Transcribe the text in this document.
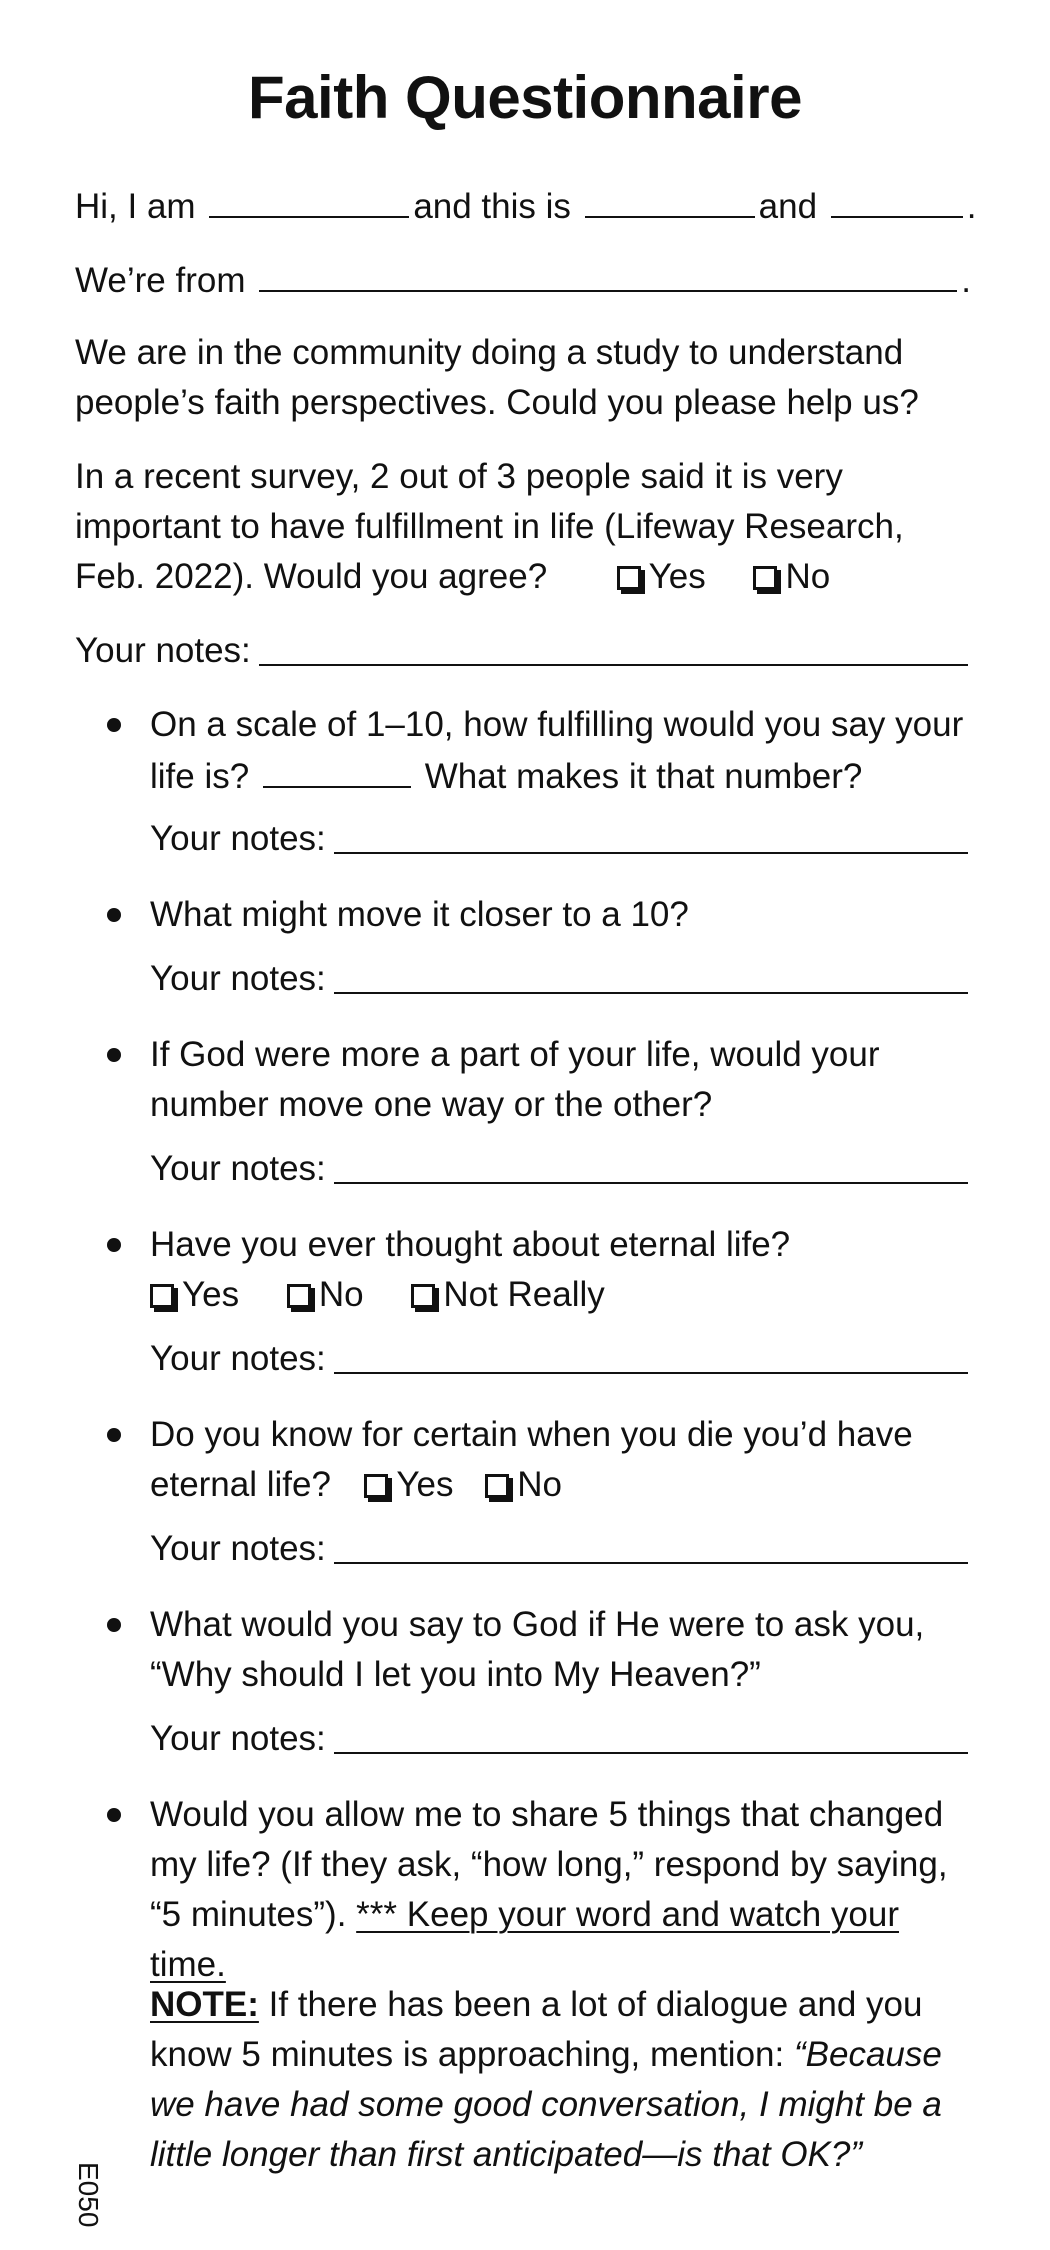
Faith Questionnaire
Hi, I am	and this is	and	.
We’re from	.
We are in the community doing a study to understand people’s faith perspectives. Could you please help us?
In a recent survey, 2 out of 3 people said it is very important to have fulfillment in life (Lifeway Research, Feb. 2022). Would you agree?	Yes No
Your notes:
On a scale of 1–10, how fulfilling would you say your life is?	What makes it that number?
Your notes:
What might move it closer to a 10?
Your notes:
If God were more a part of your life, would your number move one way or the other?
Your notes:
Have you ever thought about eternal life?
Yes No Not Really
Your notes:
Do you know for certain when you die you’d have eternal life? Yes No
Your notes:
What would you say to God if He were to ask you, “Why should I let you into My Heaven?”
Your notes:
Would you allow me to share 5 things that changed my life? (If they ask, “how long,” respond by saying, “5 minutes”). *** Keep your word and watch your time.
NOTE: If there has been a lot of dialogue and you know 5 minutes is approaching, mention: “Because we have had some good conversation, I might be a little longer than first anticipated—is that OK?”
E050
